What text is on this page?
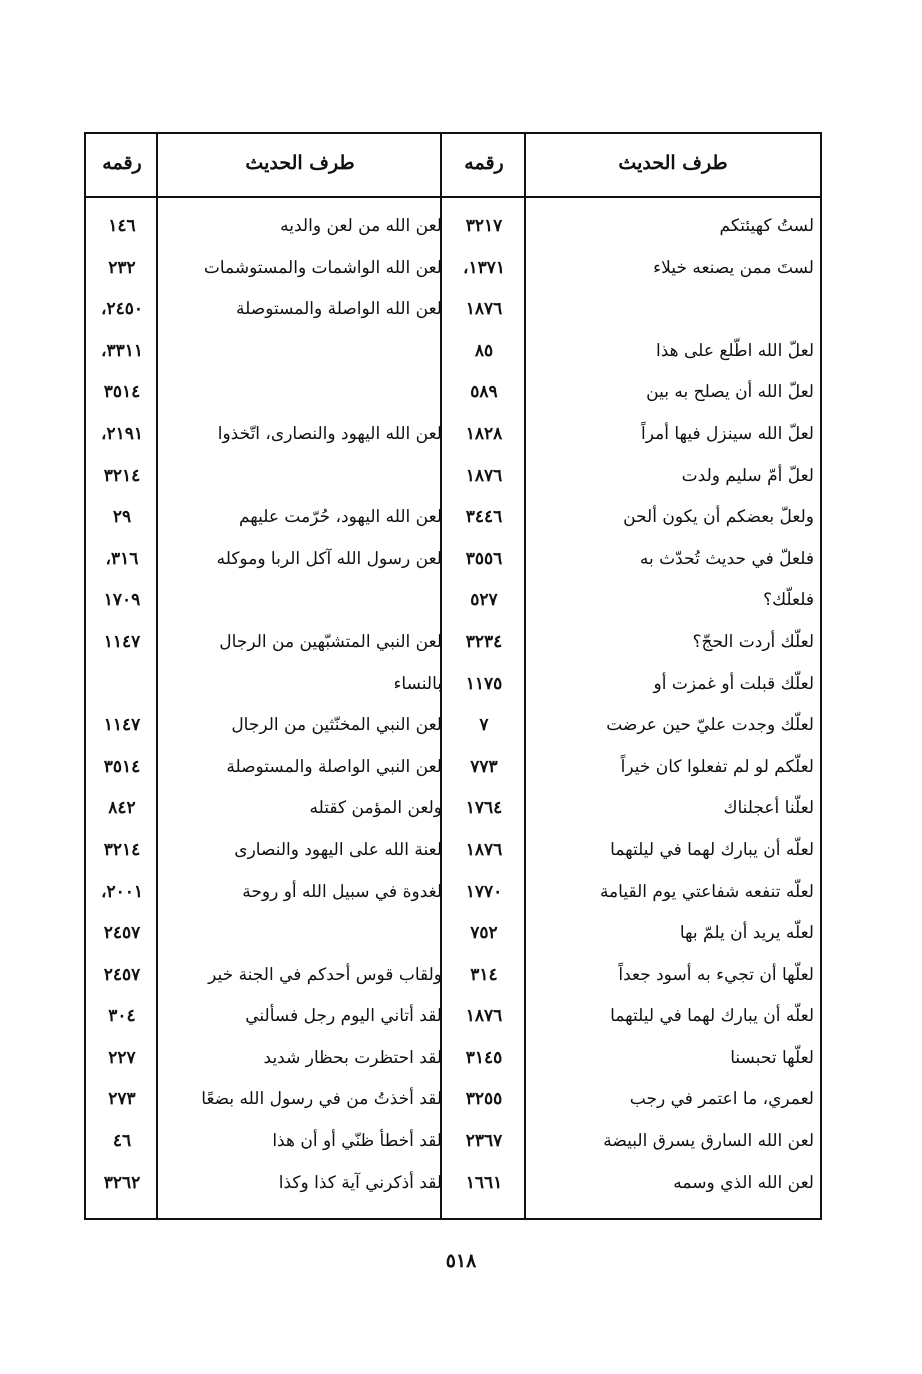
طرف الحديث
رقمه
طرف الحديث
رقمه
لستُ كهيئتكم
٣٢١٧
لعن الله من لعن والديه
١٤٦
لستَ ممن يصنعه خيلاء
١٣٧١،
لعن الله الواشمات والمستوشمات
٢٣٢
١٨٧٦
لعن الله الواصلة والمستوصلة
٢٤٥٠،
لعلّ الله اطّلع على هذا
٨٥
٣٣١١،
لعلّ الله أن يصلح به بين
٥٨٩
٣٥١٤
لعلّ الله سينزل فيها أمراً
١٨٢٨
لعن الله اليهود والنصارى، اتّخذوا
٢١٩١،
لعلّ أمّ سليم ولدت
١٨٧٦
٣٢١٤
ولعلّ بعضكم أن يكون ألحن
٣٤٤٦
لعن الله اليهود، حُرّمت عليهم
٢٩
فلعلّ في حديث تُحدّث به
٣٥٥٦
لعن رسول الله آكل الربا وموكله
٣١٦،
فلعلّك؟
٥٢٧
١٧٠٩
لعلّك أردت الحجّ؟
٣٢٣٤
لعن النبي المتشبّهين من الرجال
١١٤٧
لعلّك قبلت أو غمزت أو
١١٧٥
بالنساء
لعلّك وجدت عليّ حين عرضت
٧
لعن النبي المخنّثين من الرجال
١١٤٧
لعلّكم لو لم تفعلوا كان خيراً
٧٧٣
لعن النبي الواصلة والمستوصلة
٣٥١٤
لعلّنا أعجلناك
١٧٦٤
ولعن المؤمن كقتله
٨٤٢
لعلّه أن يبارك لهما في ليلتهما
١٨٧٦
لعنة الله على اليهود والنصارى
٣٢١٤
لعلّه تنفعه شفاعتي يوم القيامة
١٧٧٠
لغدوة في سبيل الله أو روحة
٢٠٠١،
لعلّه يريد أن يلمّ بها
٧٥٢
٢٤٥٧
لعلّها أن تجيء به أسود جعداً
٣١٤
ولقاب قوس أحدكم في الجنة خير
٢٤٥٧
لعلّه أن يبارك لهما في ليلتهما
١٨٧٦
لقد أتاني اليوم رجل فسألني
٣٠٤
لعلّها تحبسنا
٣١٤٥
لقد احتظرت بحظار شديد
٢٢٧
لعمري، ما اعتمر في رجب
٣٢٥٥
لقد أخذتُ من في رسول الله بضعًا
٢٧٣
لعن الله السارق يسرق البيضة
٢٣٦٧
لقد أخطأ ظنّي أو أن هذا
٤٦
لعن الله الذي وسمه
١٦٦١
لقد أذكرني آية كذا وكذا
٣٢٦٢
٥١٨
